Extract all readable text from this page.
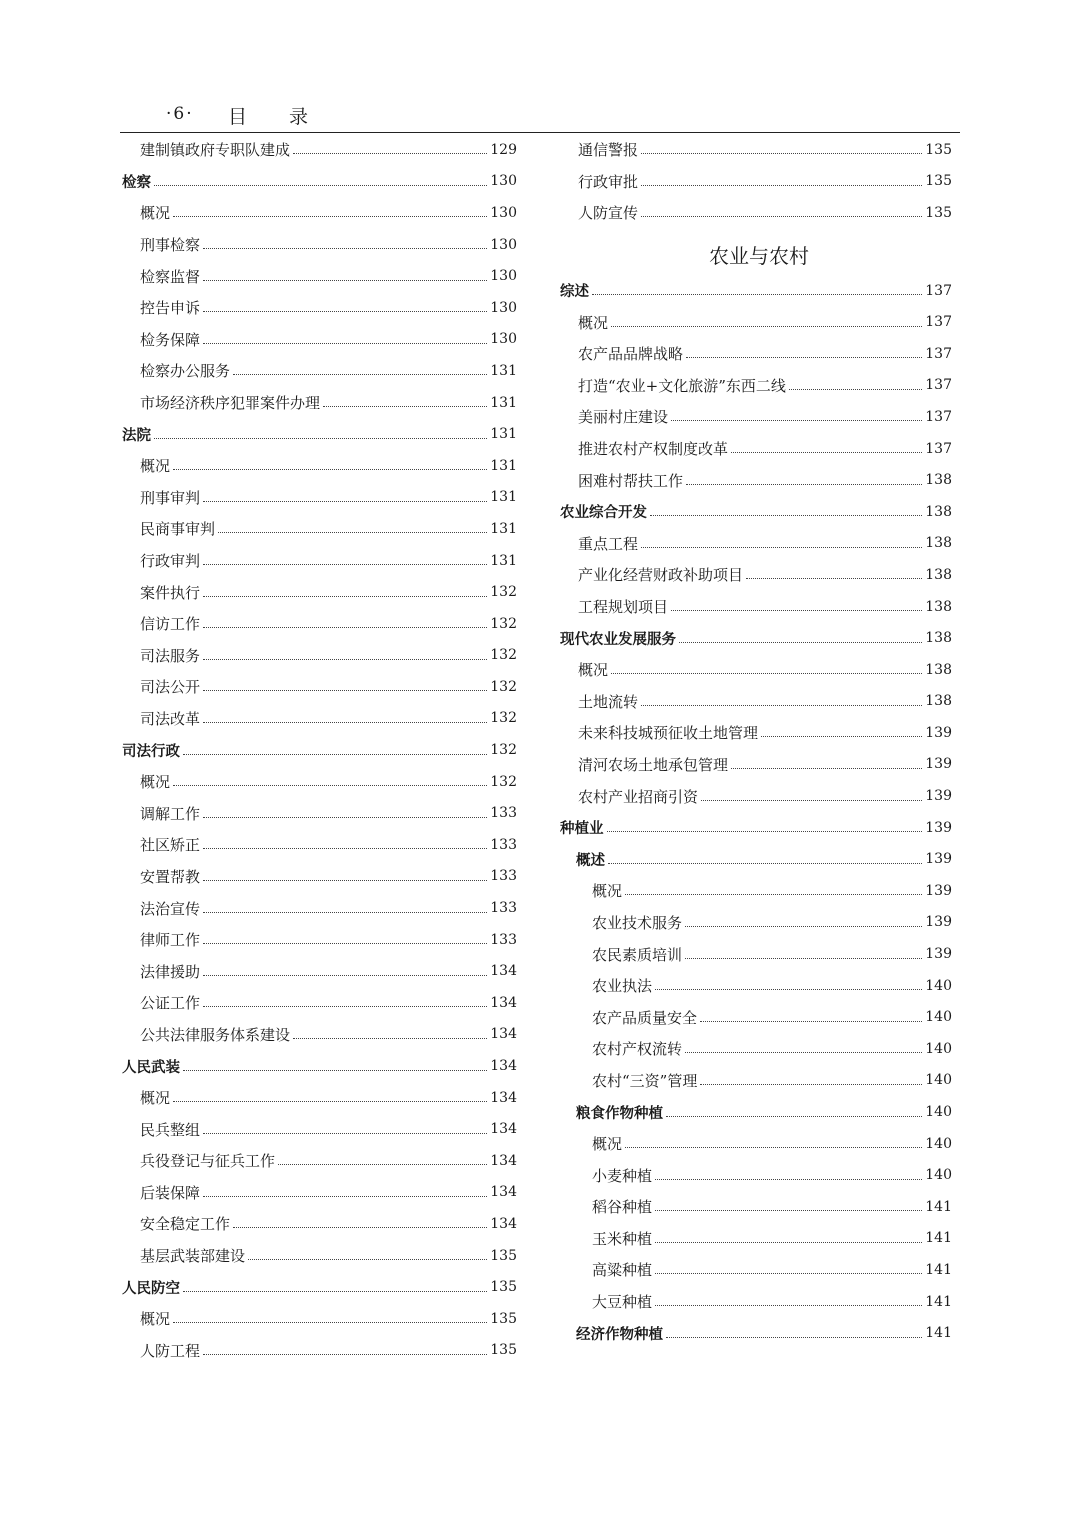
·6· 目 录
建制镇政府专职队建成	129
检察	130
概况	130
刑事检察	130
检察监督	130
控告申诉	130
检务保障	130
检察办公服务	131
市场经济秩序犯罪案件办理	131
法院	131
概况	131
刑事审判	131
民商事审判	131
行政审判	131
案件执行	132
信访工作	132
司法服务	132
司法公开	132
司法改革	132
司法行政	132
概况	132
调解工作	133
社区矫正	133
安置帮教	133
法治宣传	133
律师工作	133
法律援助	134
公证工作	134
公共法律服务体系建设	134
人民武装	134
概况	134
民兵整组	134
兵役登记与征兵工作	134
后装保障	134
安全稳定工作	134
基层武装部建设	135
人民防空	135
概况	135
人防工程	135
通信警报	135
行政审批	135
人防宣传	135
农业与农村
综述	137
概况	137
农产品品牌战略	137
打造“农业+文化旅游”东西二线	137
美丽村庄建设	137
推进农村产权制度改革	137
困难村帮扶工作	138
农业综合开发	138
重点工程	138
产业化经营财政补助项目	138
工程规划项目	138
现代农业发展服务	138
概况	138
土地流转	138
未来科技城预征收土地管理	139
清河农场土地承包管理	139
农村产业招商引资	139
种植业	139
概述	139
概况	139
农业技术服务	139
农民素质培训	139
农业执法	140
农产品质量安全	140
农村产权流转	140
农村“三资”管理	140
粮食作物种植	140
概况	140
小麦种植	140
稻谷种植	141
玉米种植	141
高粱种植	141
大豆种植	141
经济作物种植	141
